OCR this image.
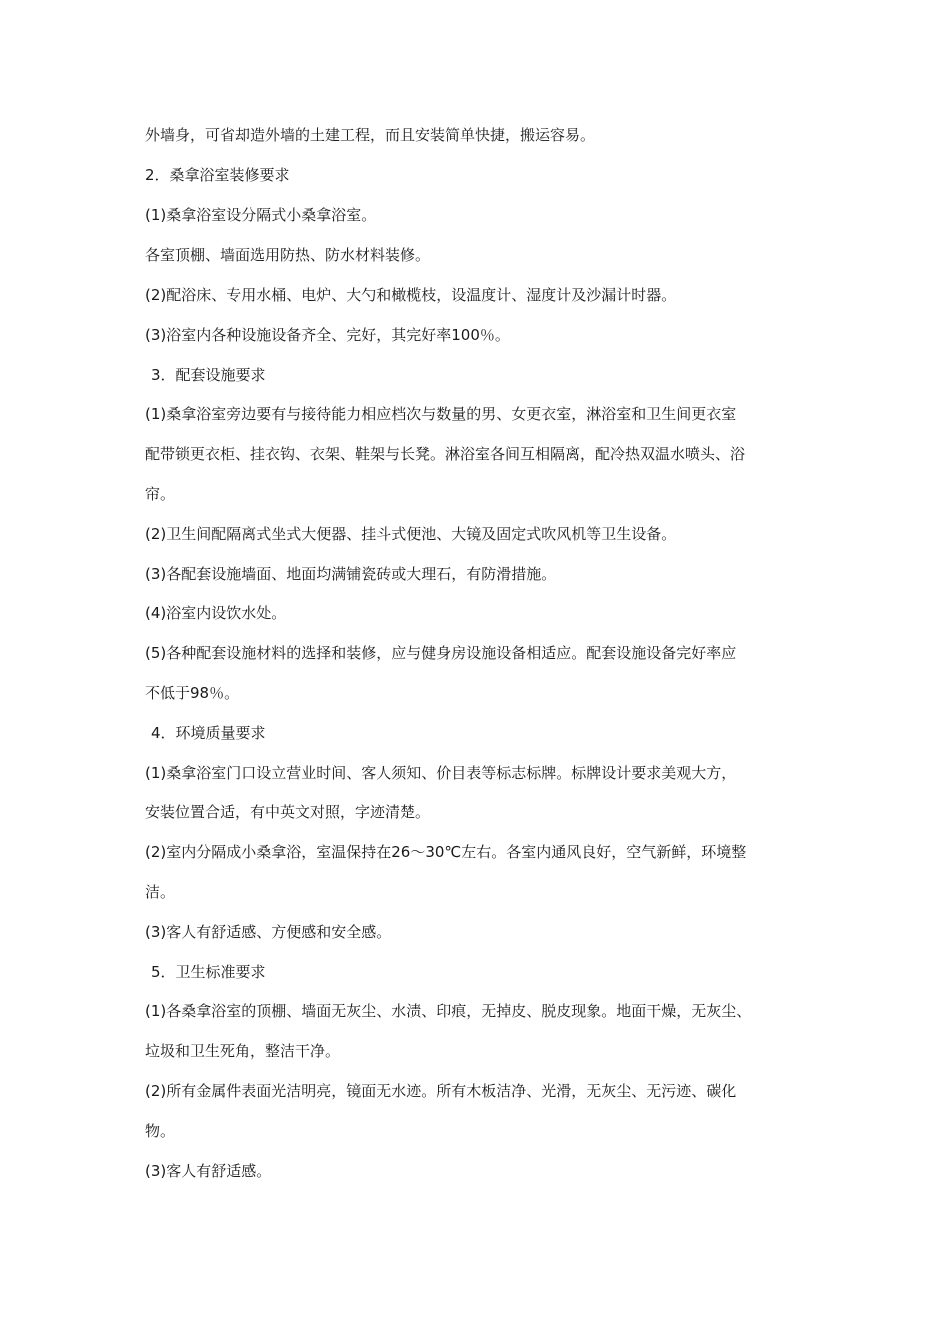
外墙身，可省却造外墙的土建工程，而且安装简单快捷，搬运容易。
2．桑拿浴室装修要求
(1)桑拿浴室设分隔式小桑拿浴室。
各室顶棚、墙面选用防热、防水材料装修。
(2)配浴床、专用水桶、电炉、大勺和橄榄枝，设温度计、湿度计及沙漏计时器。
(3)浴室内各种设施设备齐全、完好，其完好率100％。
3．配套设施要求
(1)桑拿浴室旁边要有与接待能力相应档次与数量的男、女更衣室，淋浴室和卫生间更衣室
配带锁更衣柜、挂衣钩、衣架、鞋架与长凳。淋浴室各间互相隔离，配冷热双温水喷头、浴
帘。
(2)卫生间配隔离式坐式大便器、挂斗式便池、大镜及固定式吹风机等卫生设备。
(3)各配套设施墙面、地面均满铺瓷砖或大理石，有防滑措施。
(4)浴室内设饮水处。
(5)各种配套设施材料的选择和装修，应与健身房设施设备相适应。配套设施设备完好率应
不低于98％。
4．环境质量要求
(1)桑拿浴室门口设立营业时间、客人须知、价目表等标志标牌。标牌设计要求美观大方，
安装位置合适，有中英文对照，字迹清楚。
(2)室内分隔成小桑拿浴，室温保持在26～30℃左右。各室内通风良好，空气新鲜，环境整
洁。
(3)客人有舒适感、方便感和安全感。
5．卫生标准要求
(1)各桑拿浴室的顶棚、墙面无灰尘、水渍、印痕，无掉皮、脱皮现象。地面干燥，无灰尘、
垃圾和卫生死角，整洁干净。
(2)所有金属件表面光洁明亮，镜面无水迹。所有木板洁净、光滑，无灰尘、无污迹、碳化
物。
(3)客人有舒适感。
